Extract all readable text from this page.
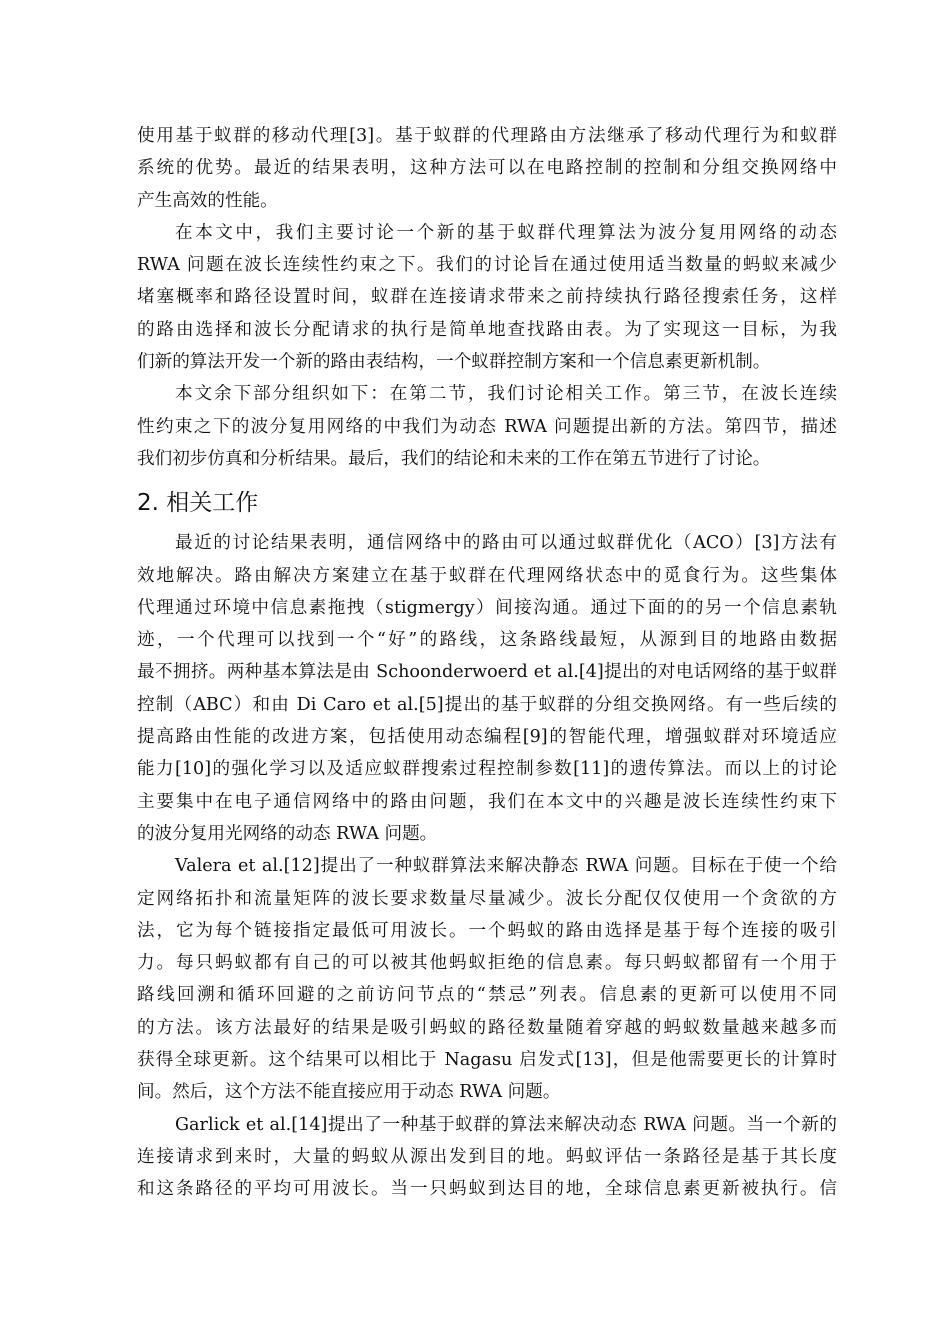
使用基于蚁群的移动代理[3]。基于蚁群的代理路由方法继承了移动代理行为和蚁群
系统的优势。最近的结果表明，这种方法可以在电路控制的控制和分组交换网络中
产生高效的性能。
在本文中，我们主要讨论一个新的基于蚁群代理算法为波分复用网络的动态
RWA 问题在波长连续性约束之下。我们的讨论旨在通过使用适当数量的蚂蚁来减少
堵塞概率和路径设置时间，蚁群在连接请求带来之前持续执行路径搜索任务，这样
的路由选择和波长分配请求的执行是简单地查找路由表。为了实现这一目标，为我
们新的算法开发一个新的路由表结构，一个蚁群控制方案和一个信息素更新机制。
本文余下部分组织如下：在第二节，我们讨论相关工作。第三节，在波长连续
性约束之下的波分复用网络的中我们为动态 RWA 问题提出新的方法。第四节，描述
我们初步仿真和分析结果。最后，我们的结论和未来的工作在第五节进行了讨论。
2. 相关工作
最近的讨论结果表明，通信网络中的路由可以通过蚁群优化（ACO）[3]方法有
效地解决。路由解决方案建立在基于蚁群在代理网络状态中的觅食行为。这些集体
代理通过环境中信息素拖拽（stigmergy）间接沟通。通过下面的的另一个信息素轨
迹，一个代理可以找到一个“好”的路线，这条路线最短，从源到目的地路由数据
最不拥挤。两种基本算法是由 Schoonderwoerd et al.[4]提出的对电话网络的基于蚁群
控制（ABC）和由 Di Caro et al.[5]提出的基于蚁群的分组交换网络。有一些后续的
提高路由性能的改进方案，包括使用动态编程[9]的智能代理，增强蚁群对环境适应
能力[10]的强化学习以及适应蚁群搜索过程控制参数[11]的遗传算法。而以上的讨论
主要集中在电子通信网络中的路由问题，我们在本文中的兴趣是波长连续性约束下
的波分复用光网络的动态 RWA 问题。
Valera et al.[12]提出了一种蚁群算法来解决静态 RWA 问题。目标在于使一个给
定网络拓扑和流量矩阵的波长要求数量尽量减少。波长分配仅仅使用一个贪欲的方
法，它为每个链接指定最低可用波长。一个蚂蚁的路由选择是基于每个连接的吸引
力。每只蚂蚁都有自己的可以被其他蚂蚁拒绝的信息素。每只蚂蚁都留有一个用于
路线回溯和循环回避的之前访问节点的“禁忌”列表。信息素的更新可以使用不同
的方法。该方法最好的结果是吸引蚂蚁的路径数量随着穿越的蚂蚁数量越来越多而
获得全球更新。这个结果可以相比于 Nagasu 启发式[13]，但是他需要更长的计算时
间。然后，这个方法不能直接应用于动态 RWA 问题。
Garlick et al.[14]提出了一种基于蚁群的算法来解决动态 RWA 问题。当一个新的
连接请求到来时，大量的蚂蚁从源出发到目的地。蚂蚁评估一条路径是基于其长度
和这条路径的平均可用波长。当一只蚂蚁到达目的地，全球信息素更新被执行。信
